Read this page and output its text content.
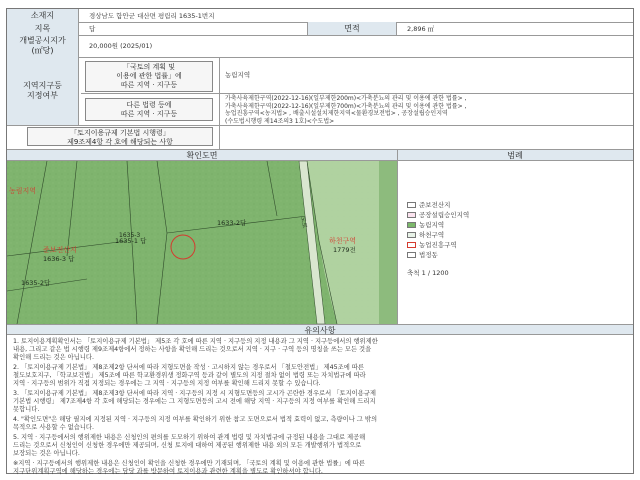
소재지	경상남도 함안군 대산면 평림리 1635-1번지
지목	답	면적	2,896 ㎡
개별공시지가
(㎡당)	20,000원 (2025/01)
지역지구등
지정여부
「국토의 계획 및
이용에 관한 법률」에
따른 지역 · 지구등
농림지역
다른 법령 등에
따른 지역 · 지구등
가축사육제한구역(2022-12-16)(일부제한200m)<가축분뇨의 관리 및 이용에 관한 법률> ,
가축사육제한구역(2022-12-16)(일부제한700m)<가축분뇨의 관리 및 이용에 관한 법률> ,
농업진흥구역<농지법> , 배출시설설치제한지역<물환경보전법> , 공장설립승인지역
(수도법시행령 제14조의3 1호)<수도법>
「토지이용규제 기본법 시행령」
제9조제4항 각 호에 해당되는 사항
확인도면	범례
농림지역
1635-1 답
1635-3
1633-2답
준보전산지
1636-3 답
하천구역
1779전
1635-2답
도로
준보전산지
공장설립승인지역
농림지역
하천구역
농업진흥구역
법정동
축척 1 / 1200
유의사항
1. 토지이용계획확인서는 「토지이용규제 기본법」 제5조 각 호에 따른 지역 · 지구등의 지정 내용과 그 지역 · 지구등에서의 행위제한
내용, 그리고 같은 법 시행령 제9조제4항에서 정하는 사항을 확인해 드리는 것으로서 지역 · 지구 · 구역 등의 명칭을 쓰는 모든 것을
확인해 드리는 것은 아닙니다.
2. 「토지이용규제 기본법」 제8조제2항 단서에 따라 지형도면을 작성 · 고시하지 않는 경우로서 「철도안전법」 제45조에 따른
철도보호지구, 「학교보건법」 제5조에 따른 학교환경위생 정화구역 등과 같이 별도의 지정 절차 없이 법령 또는 자치법규에 따라
지역 · 지구등의 범위가 직접 지정되는 경우에는 그 지역 · 지구등의 지정 여부를 확인해 드리지 못할 수 있습니다.
3. 「토지이용규제 기본법」 제8조제3항 단서에 따라 지역 · 지구등의 지정 시 지형도면등의 고시가 곤란한 경우로서 「토지이용규제
기본법 시행령」 제7조제4항 각 호에 해당되는 경우에는 그 지형도면등의 고시 전에 해당 지역 · 지구등의 지정 여부를 확인해 드리지
못합니다.
4. "확인도면"은 해당 필지에 지정된 지역 · 지구등의 지정 여부를 확인하기 위한 참고 도면으로서 법적 효력이 없고, 측량이나 그 밖의
목적으로 사용할 수 없습니다.
5. 지역 · 지구등에서의 행위제한 내용은 신청인의 편의를 도모하기 위하여 관계 법령 및 자치법규에 규정된 내용을 그대로 제공해
드리는 것으로서 신청인이 신청한 경우에만 제공되며, 신청 토지에 대하여 제공된 행위제한 내용 외의 모든 개발행위가 법적으로
보장되는 것은 아닙니다.
※지역 · 지구등에서의 행위제한 내용은 신청인이 확인을 신청한 경우에만 기재되며, 「국토의 계획 및 이용에 관한 법률」에 따른
지구단위계획구역에 해당하는 경우에는 담당 과를 방문하여 토지이용과 관련한 계획을 별도로 확인하셔야 합니다.
